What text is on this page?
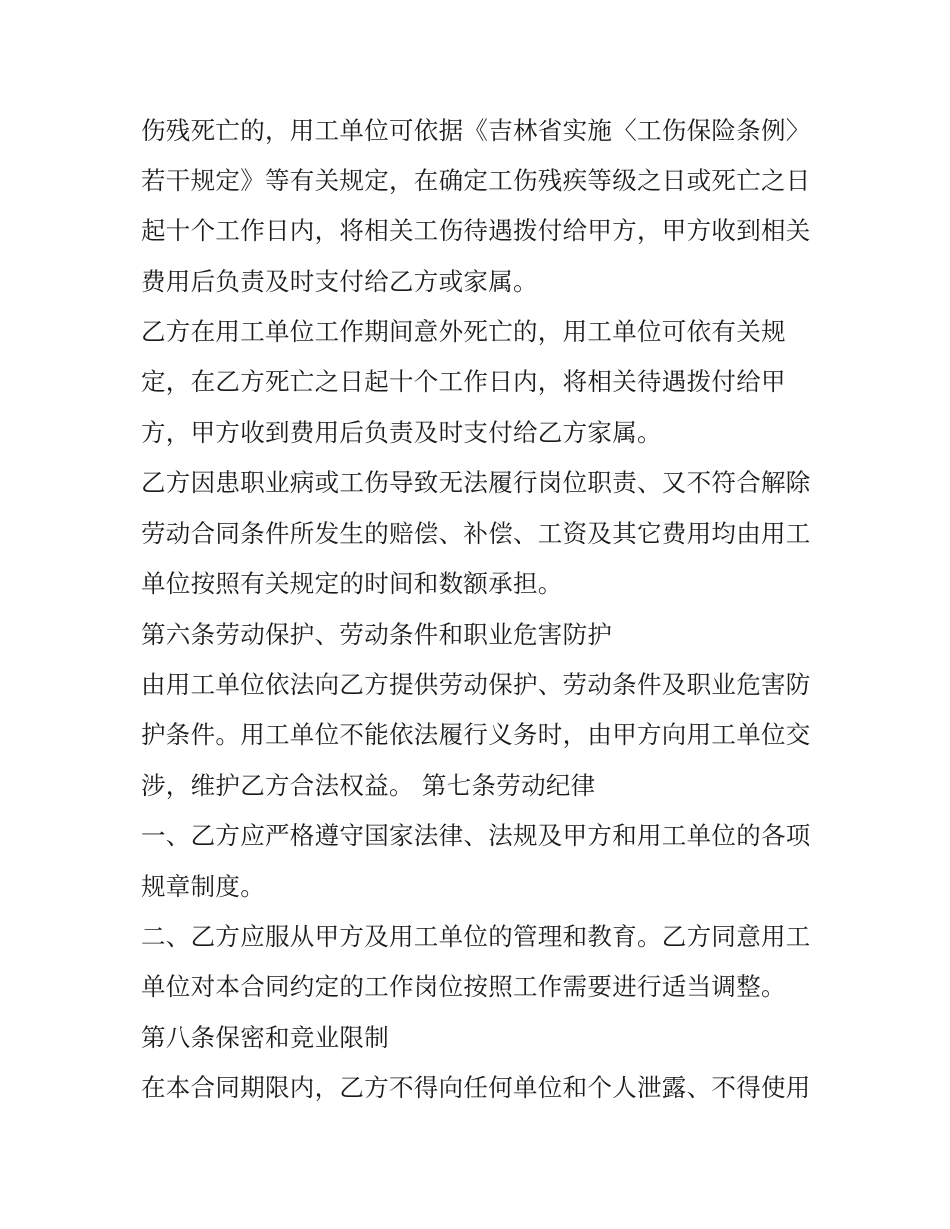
伤残死亡的，用工单位可依据《吉林省实施〈工伤保险条例〉
若干规定》等有关规定，在确定工伤残疾等级之日或死亡之日
起十个工作日内，将相关工伤待遇拨付给甲方，甲方收到相关
费用后负责及时支付给乙方或家属。
乙方在用工单位工作期间意外死亡的，用工单位可依有关规
定，在乙方死亡之日起十个工作日内，将相关待遇拨付给甲
方，甲方收到费用后负责及时支付给乙方家属。
乙方因患职业病或工伤导致无法履行岗位职责、又不符合解除
劳动合同条件所发生的赔偿、补偿、工资及其它费用均由用工
单位按照有关规定的时间和数额承担。
第六条劳动保护、劳动条件和职业危害防护
由用工单位依法向乙方提供劳动保护、劳动条件及职业危害防
护条件。用工单位不能依法履行义务时，由甲方向用工单位交
涉，维护乙方合法权益。 第七条劳动纪律
一、乙方应严格遵守国家法律、法规及甲方和用工单位的各项
规章制度。
二、乙方应服从甲方及用工单位的管理和教育。乙方同意用工
单位对本合同约定的工作岗位按照工作需要进行适当调整。
第八条保密和竞业限制
在本合同期限内，乙方不得向任何单位和个人泄露、不得使用
